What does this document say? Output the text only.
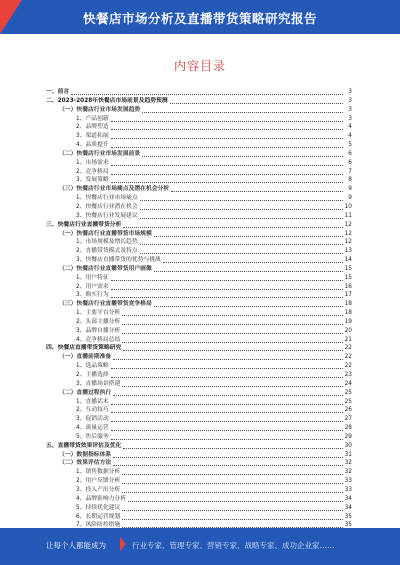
快餐店市场分析及直播带货策略研究报告
内容目录
一、前言	3
二、2023-2028年快餐店市场前景及趋势预测	3
（一）快餐店行业市场发展趋势	3
1、产品创新	3
2、品牌塑造	4
3、渠道拓展	4
4、品质提升	5
（二）快餐店行业市场发展前景	6
1、市场需求	6
2、竞争格局	7
3、发展策略	8
（三）快餐店行业市场痛点及潜在机会分析	9
1、快餐店行业市场痛点	9
2、快餐店行业潜在机会	10
3、快餐店行业发展建议	11
三、快餐店行业直播带货分析	12
（一）快餐店行业直播带货市场规模	12
1、市场规模及增长趋势	12
2、直播带货模式及特点	13
3、快餐店直播带货的优势与挑战	14
（二）快餐店行业直播带货用户画像	15
1、用户特征	15
2、用户需求	16
3、购买行为	17
（三）快餐店行业直播带货竞争格局	18
1、主要平台分析	18
2、头部主播分析	19
3、品牌自播分析	20
4、竞争格局总结	21
四、快餐店直播带货策略研究	22
（一）直播前期准备	22
1、选品策略	22
2、主播选择	23
3、直播场景搭建	24
（二）直播过程执行	25
1、直播话术	25
2、互动技巧	26
3、促销活动	27
4、流量运营	28
5、售后服务	29
五、直播带货效果评估及优化	30
（一）数据指标体系	31
（二）效果评估方法	32
1、销售数据分析	32
2、用户反馈分析	33
3、投入产出分析	33
4、品牌影响力分析	34
5、持续优化建议	34
6、长期运营规划	35
7、风险防控措施	35
让每个人都能成为	行业专家、管理专家、营销专家、战略专家、成功企业家……
